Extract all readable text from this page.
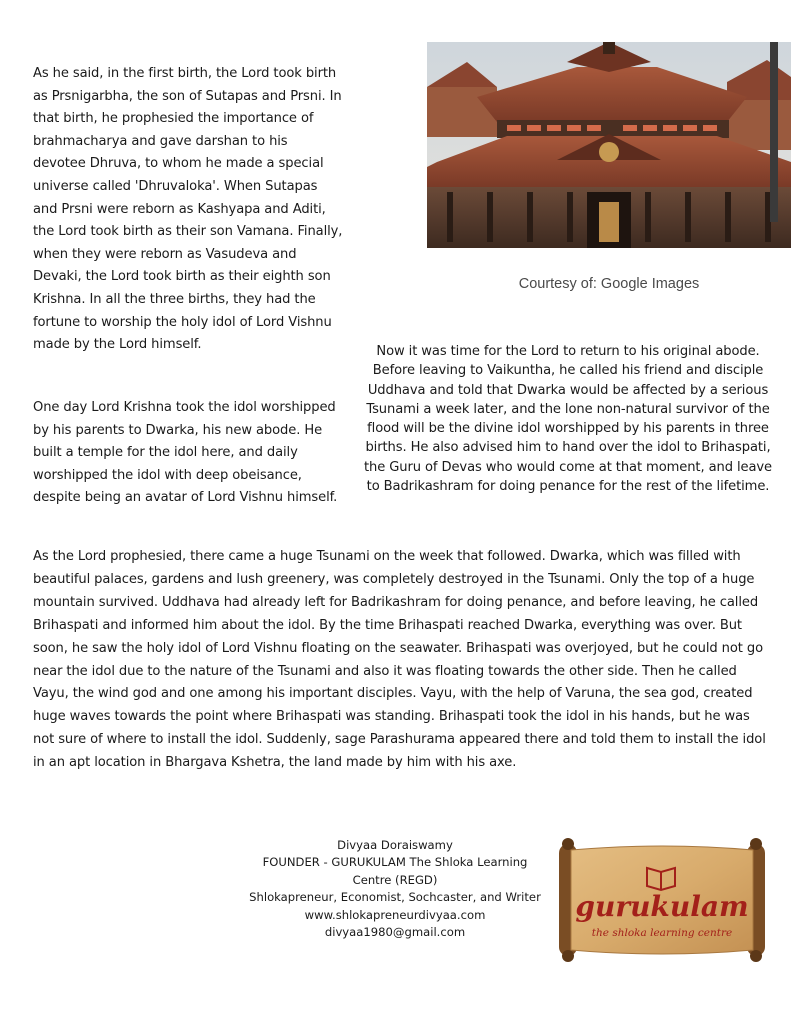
As he said, in the first birth, the Lord took birth as Prsnigarbha, the son of Sutapas and Prsni. In that birth, he prophesied the importance of brahmacharya and gave darshan to his devotee Dhruva, to whom he made a special universe called 'Dhruvaloka'. When Sutapas and Prsni were reborn as Kashyapa and Aditi, the Lord took birth as their son Vamana. Finally, when they were reborn as Vasudeva and Devaki, the Lord took birth as their eighth son Krishna. In all the three births, they had the fortune to worship the holy idol of Lord Vishnu made by the Lord himself.

Courtesy of: Google Images

Now it was time for the Lord to return to his original abode. Before leaving to Vaikuntha, he called his friend and disciple Uddhava and told that Dwarka would be affected by a serious Tsunami a week later, and the lone non-natural survivor of the flood will be the divine idol worshipped by his parents in three births. He also advised him to hand over the idol to Brihaspati, the Guru of Devas who would come at that moment, and leave to Badrikashram for doing penance for the rest of the lifetime.

One day Lord Krishna took the idol worshipped by his parents to Dwarka, his new abode. He built a temple for the idol here, and daily worshipped the idol with deep obeisance, despite being an avatar of Lord Vishnu himself.

As the Lord prophesied, there came a huge Tsunami on the week that followed. Dwarka, which was filled with beautiful palaces, gardens and lush greenery, was completely destroyed in the Tsunami. Only the top of a huge mountain survived. Uddhava had already left for Badrikashram for doing penance, and before leaving, he called Brihaspati and informed him about the idol. By the time Brihaspati reached Dwarka, everything was over. But soon, he saw the holy idol of Lord Vishnu floating on the seawater. Brihaspati was overjoyed, but he could not go near the idol due to the nature of the Tsunami and also it was floating towards the other side. Then he called Vayu, the wind god and one among his important disciples. Vayu, with the help of Varuna, the sea god, created huge waves towards the point where Brihaspati was standing. Brihaspati took the idol in his hands, but he was not sure of where to install the idol. Suddenly, sage Parashurama appeared there and told them to install the idol in an apt location in Bhargava Kshetra, the land made by him with his axe.

Divyaa Doraiswamy
FOUNDER - GURUKULAM The Shloka Learning Centre (REGD)
Shlokapreneur, Economist, Sochcaster, and Writer
www.shlokapreneurdivyaa.com
divyaa1980@gmail.com
gurukulam
the shloka learning centre
